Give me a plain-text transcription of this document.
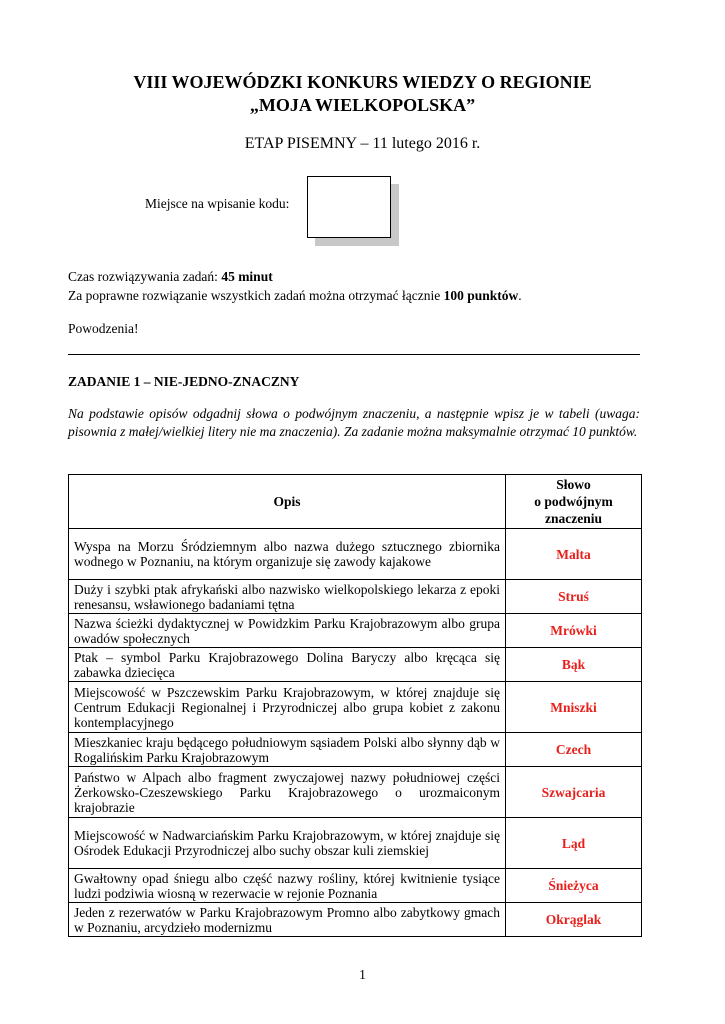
VIII WOJEWÓDZKI KONKURS WIEDZY O REGIONIE
„MOJA WIELKOPOLSKA”
ETAP PISEMNY – 11 lutego 2016 r.
Miejsce na wpisanie kodu:
Czas rozwiązywania zadań: 45 minut
Za poprawne rozwiązanie wszystkich zadań można otrzymać łącznie 100 punktów.
Powodzenia!
ZADANIE 1 – NIE-JEDNO-ZNACZNY
Na podstawie opisów odgadnij słowa o podwójnym znaczeniu, a następnie wpisz je w tabeli (uwaga: pisownia z małej/wielkiej litery nie ma znaczenia). Za zadanie można maksymalnie otrzymać 10 punktów.
Opis	Słowo
o podwójnym
znaczeniu
Wyspa na Morzu Śródziemnym albo nazwa dużego sztucznego zbiornika wodnego w Poznaniu, na którym organizuje się zawody kajakowe	Malta
Duży i szybki ptak afrykański albo nazwisko wielkopolskiego lekarza z epoki renesansu, wsławionego badaniami tętna	Struś
Nazwa ścieżki dydaktycznej w Powidzkim Parku Krajobrazowym albo grupa owadów społecznych	Mrówki
Ptak – symbol Parku Krajobrazowego Dolina Baryczy albo kręcąca się zabawka dziecięca	Bąk
Miejscowość w Pszczewskim Parku Krajobrazowym, w której znajduje się Centrum Edukacji Regionalnej i Przyrodniczej albo grupa kobiet z zakonu kontemplacyjnego	Mniszki
Mieszkaniec kraju będącego południowym sąsiadem Polski albo słynny dąb w Rogalińskim Parku Krajobrazowym	Czech
Państwo w Alpach albo fragment zwyczajowej nazwy południowej części Żerkowsko-Czeszewskiego Parku Krajobrazowego o urozmaiconym krajobrazie	Szwajcaria
Miejscowość w Nadwarciańskim Parku Krajobrazowym, w której znajduje się Ośrodek Edukacji Przyrodniczej albo suchy obszar kuli ziemskiej	Ląd
Gwałtowny opad śniegu albo część nazwy rośliny, której kwitnienie tysiące ludzi podziwia wiosną w rezerwacie w rejonie Poznania	Śnieżyca
Jeden z rezerwatów w Parku Krajobrazowym Promno albo zabytkowy gmach w Poznaniu, arcydzieło modernizmu	Okrąglak
1
